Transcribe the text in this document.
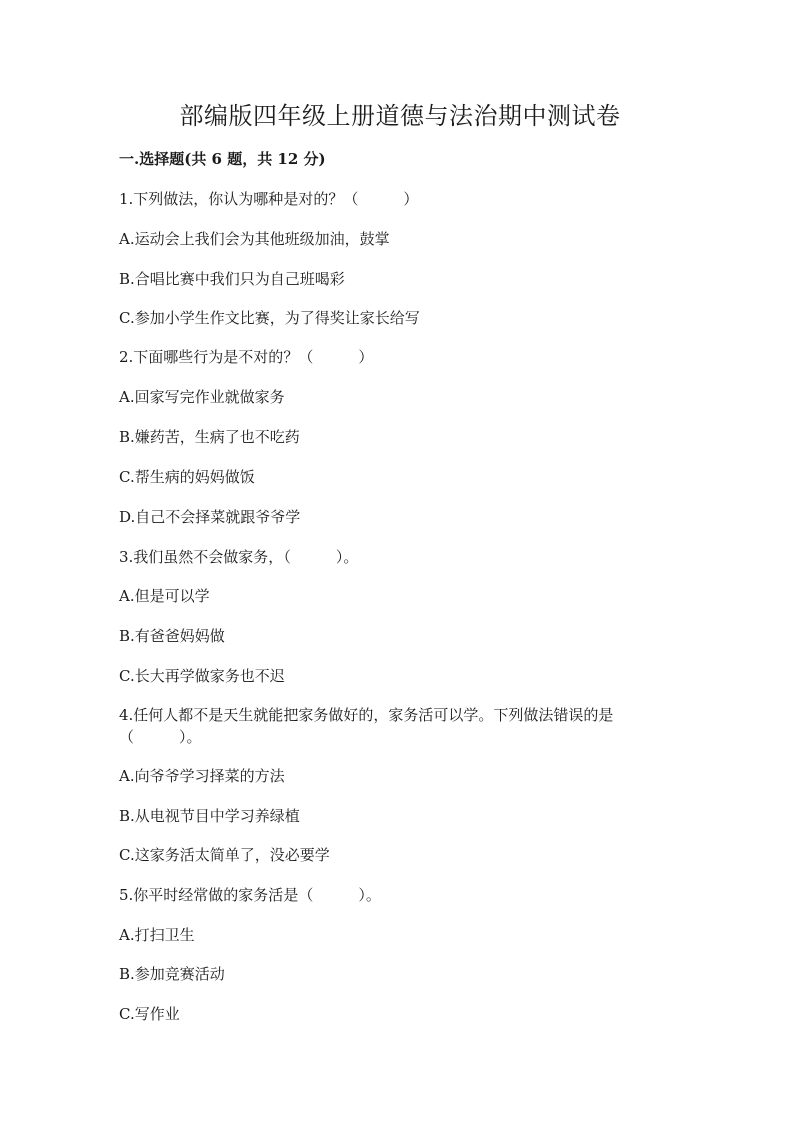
部编版四年级上册道德与法治期中测试卷
一.选择题(共 6 题，共 12 分)
1.下列做法，你认为哪种是对的？（　　　）
A.运动会上我们会为其他班级加油，鼓掌
B.合唱比赛中我们只为自己班喝彩
C.参加小学生作文比赛，为了得奖让家长给写
2.下面哪些行为是不对的？（　　　）
A.回家写完作业就做家务
B.嫌药苦，生病了也不吃药
C.帮生病的妈妈做饭
D.自己不会择菜就跟爷爷学
3.我们虽然不会做家务，（　　　）。
A.但是可以学
B.有爸爸妈妈做
C.长大再学做家务也不迟
4.任何人都不是天生就能把家务做好的，家务活可以学。下列做法错误的是（　　　）。
A.向爷爷学习择菜的方法
B.从电视节目中学习养绿植
C.这家务活太简单了，没必要学
5.你平时经常做的家务活是（　　　）。
A.打扫卫生
B.参加竞赛活动
C.写作业
